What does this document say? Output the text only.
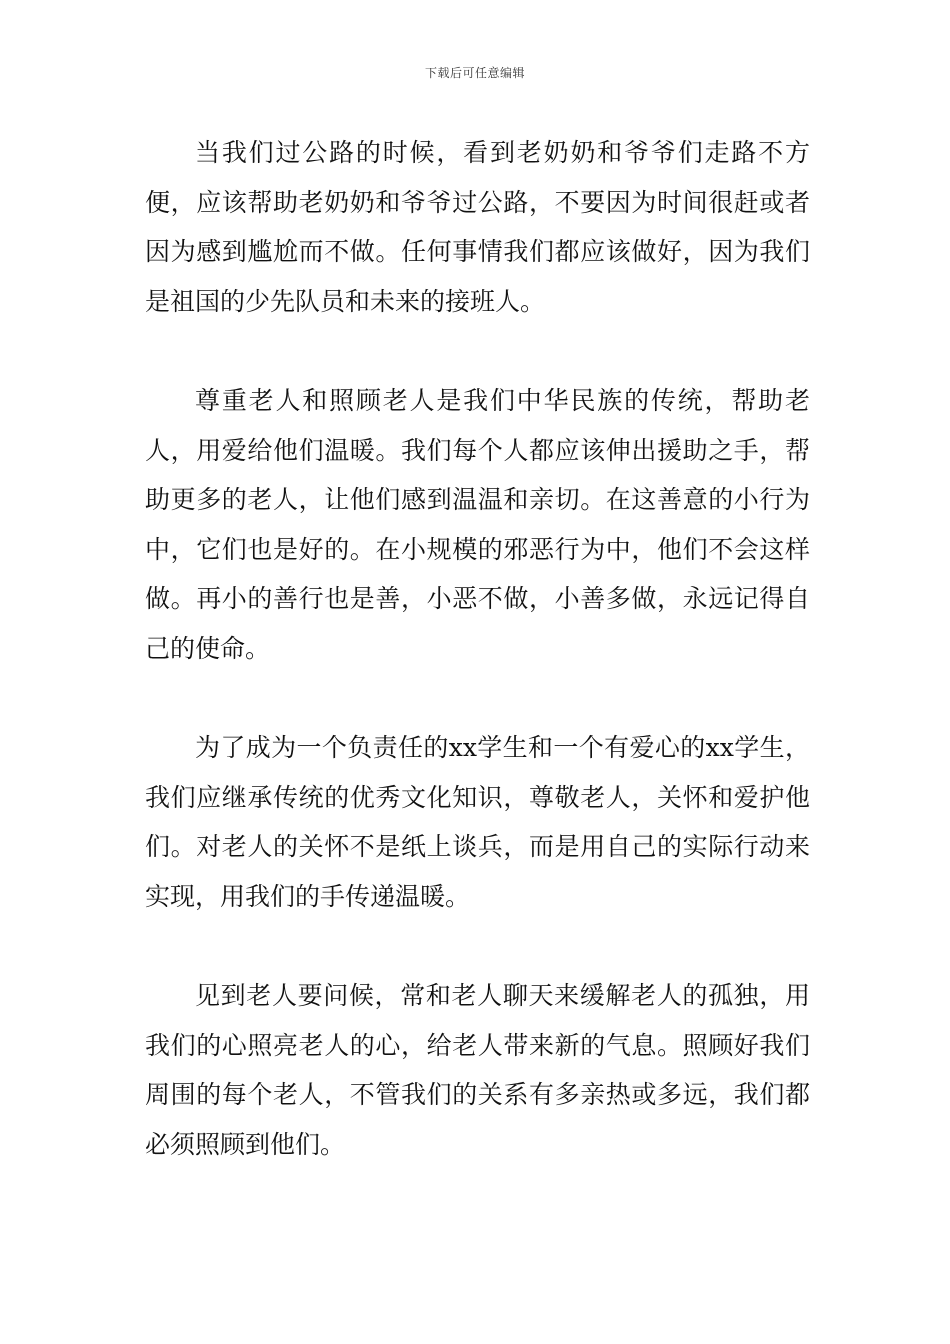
下载后可任意编辑

当我们过公路的时候，看到老奶奶和爷爷们走路不方便，应该帮助老奶奶和爷爷过公路，不要因为时间很赶或者因为感到尴尬而不做。任何事情我们都应该做好，因为我们是祖国的少先队员和未来的接班人。

尊重老人和照顾老人是我们中华民族的传统，帮助老人，用爱给他们温暖。我们每个人都应该伸出援助之手，帮助更多的老人，让他们感到温温和亲切。在这善意的小行为中，它们也是好的。在小规模的邪恶行为中，他们不会这样做。再小的善行也是善，小恶不做，小善多做，永远记得自己的使命。

为了成为一个负责任的xx学生和一个有爱心的xx学生，我们应继承传统的优秀文化知识，尊敬老人，关怀和爱护他们。对老人的关怀不是纸上谈兵，而是用自己的实际行动来实现，用我们的手传递温暖。

见到老人要问候，常和老人聊天来缓解老人的孤独，用我们的心照亮老人的心，给老人带来新的气息。照顾好我们周围的每个老人，不管我们的关系有多亲热或多远，我们都必须照顾到他们。
